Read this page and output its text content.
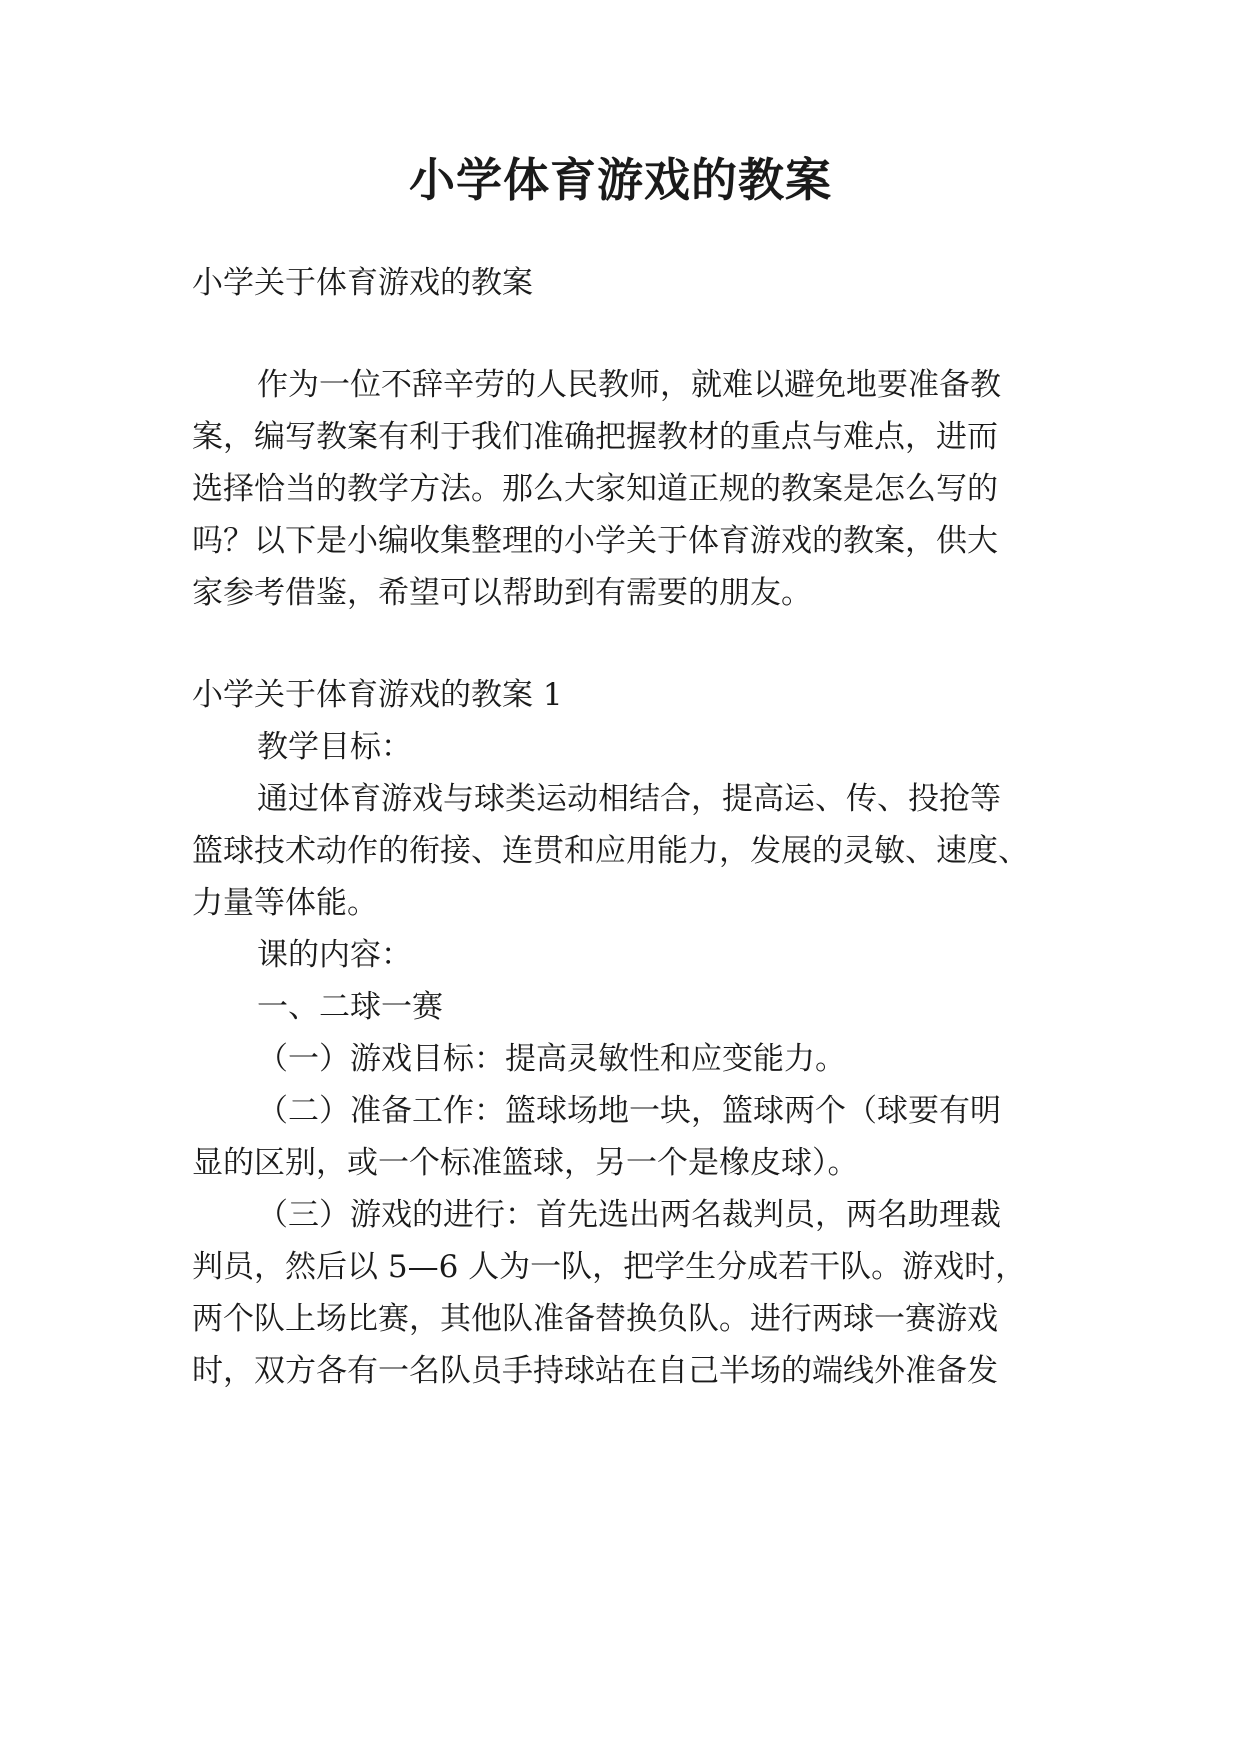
小学体育游戏的教案

小学关于体育游戏的教案

作为一位不辞辛劳的人民教师，就难以避免地要准备教

案，编写教案有利于我们准确把握教材的重点与难点，进而

选择恰当的教学方法。那么大家知道正规的教案是怎么写的

吗？以下是小编收集整理的小学关于体育游戏的教案，供大

家参考借鉴，希望可以帮助到有需要的朋友。

小学关于体育游戏的教案 1

教学目标：

通过体育游戏与球类运动相结合，提高运、传、投抢等

篮球技术动作的衔接、连贯和应用能力，发展的灵敏、速度、

力量等体能。

课的内容：

一、二球一赛

（一）游戏目标：提高灵敏性和应变能力。

（二）准备工作：篮球场地一块，篮球两个（球要有明

显的区别，或一个标准篮球，另一个是橡皮球）。

（三）游戏的进行：首先选出两名裁判员，两名助理裁

判员，然后以 5—6 人为一队，把学生分成若干队。游戏时，

两个队上场比赛，其他队准备替换负队。进行两球一赛游戏

时，双方各有一名队员手持球站在自己半场的端线外准备发
